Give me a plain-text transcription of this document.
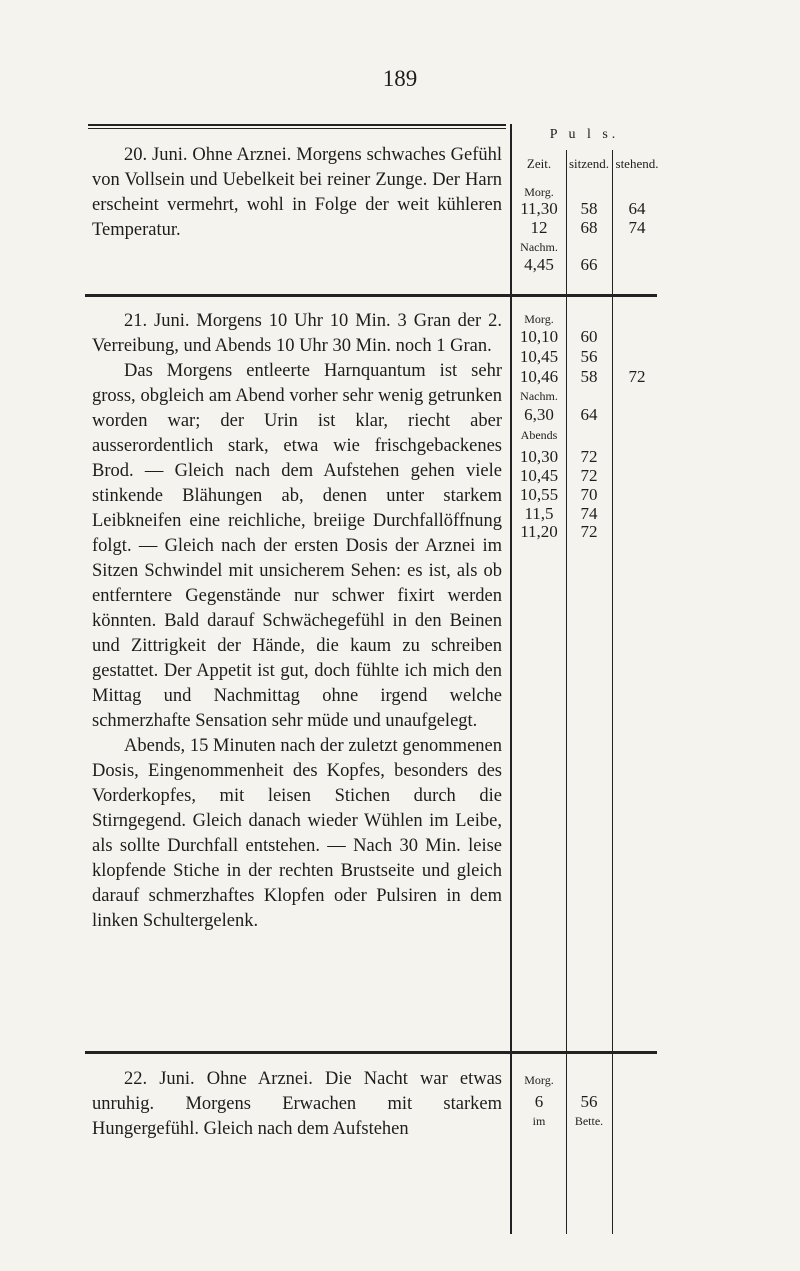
189
P u l s.
Zeit.	sitzend. stehend.

20. Juni. Ohne Arznei. Morgens schwaches Gefühl von Vollsein und Uebelkeit bei reiner Zunge. Der Harn erscheint vermehrt, wohl in Folge der weit kühleren Temperatur.

Morg.
11,30	58	64
12	68	74
Nachm.
4,45	66

21. Juni. Morgens 10 Uhr 10 Min. 3 Gran der 2. Verreibung, und Abends 10 Uhr 30 Min. noch 1 Gran.

Das Morgens entleerte Harnquantum ist sehr gross, obgleich am Abend vorher sehr wenig getrunken worden war; der Urin ist klar, riecht aber ausserordentlich stark, etwa wie frischgebackenes Brod. — Gleich nach dem Aufstehen gehen viele stinkende Blähungen ab, denen unter starkem Leibkneifen eine reichliche, breiige Durchfallöffnung folgt. — Gleich nach der ersten Dosis der Arznei im Sitzen Schwindel mit unsicherem Sehen: es ist, als ob entferntere Gegenstände nur schwer fixirt werden könnten. Bald darauf Schwächegefühl in den Beinen und Zittrigkeit der Hände, die kaum zu schreiben gestattet. Der Appetit ist gut, doch fühlte ich mich den Mittag und Nachmittag ohne irgend welche schmerzhafte Sensation sehr müde und unaufgelegt.

Abends, 15 Minuten nach der zuletzt genommenen Dosis, Eingenommenheit des Kopfes, besonders des Vorderkopfes, mit leisen Stichen durch die Stirngegend. Gleich danach wieder Wühlen im Leibe, als sollte Durchfall entstehen. — Nach 30 Min. leise klopfende Stiche in der rechten Brustseite und gleich darauf schmerzhaftes Klopfen oder Pulsiren in dem linken Schultergelenk.

Morg.
10,10	60
10,45	56
10,46	58	72
Nachm.
6,30	64
Abends
10,30	72
10,45	72
10,55	70
11,5	74
11,20	72

22. Juni. Ohne Arznei. Die Nacht war etwas unruhig. Morgens Erwachen mit starkem Hungergefühl. Gleich nach dem Aufstehen

Morg.
6	56
im	Bette.
